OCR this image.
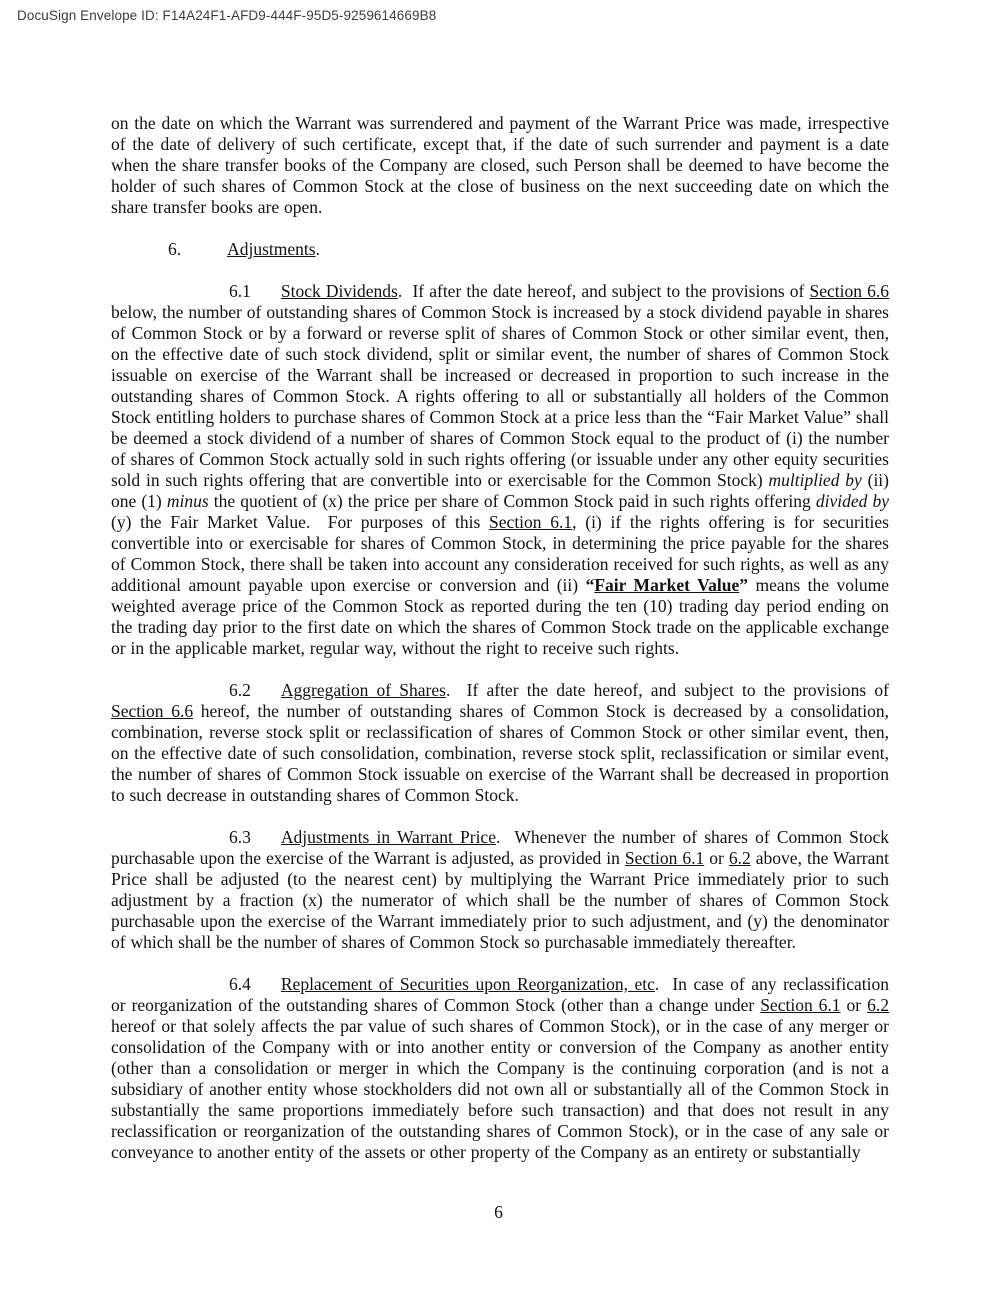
DocuSign Envelope ID: F14A24F1-AFD9-444F-95D5-9259614669B8

on the date on which the Warrant was surrendered and payment of the Warrant Price was made, irrespective of the date of delivery of such certificate, except that, if the date of such surrender and payment is a date when the share transfer books of the Company are closed, such Person shall be deemed to have become the holder of such shares of Common Stock at the close of business on the next succeeding date on which the share transfer books are open.

6.	Adjustments.

6.1 Stock Dividends.  If after the date hereof, and subject to the provisions of Section 6.6 below, the number of outstanding shares of Common Stock is increased by a stock dividend payable in shares of Common Stock or by a forward or reverse split of shares of Common Stock or other similar event, then, on the effective date of such stock dividend, split or similar event, the number of shares of Common Stock issuable on exercise of the Warrant shall be increased or decreased in proportion to such increase in the outstanding shares of Common Stock. A rights offering to all or substantially all holders of the Common Stock entitling holders to purchase shares of Common Stock at a price less than the “Fair Market Value” shall be deemed a stock dividend of a number of shares of Common Stock equal to the product of (i) the number of shares of Common Stock actually sold in such rights offering (or issuable under any other equity securities sold in such rights offering that are convertible into or exercisable for the Common Stock) multiplied by (ii) one (1) minus the quotient of (x) the price per share of Common Stock paid in such rights offering divided by (y) the Fair Market Value.  For purposes of this Section 6.1, (i) if the rights offering is for securities convertible into or exercisable for shares of Common Stock, in determining the price payable for the shares of Common Stock, there shall be taken into account any consideration received for such rights, as well as any additional amount payable upon exercise or conversion and (ii) “Fair Market Value” means the volume weighted average price of the Common Stock as reported during the ten (10) trading day period ending on the trading day prior to the first date on which the shares of Common Stock trade on the applicable exchange or in the applicable market, regular way, without the right to receive such rights.

6.2 Aggregation of Shares.  If after the date hereof, and subject to the provisions of Section 6.6 hereof, the number of outstanding shares of Common Stock is decreased by a consolidation, combination, reverse stock split or reclassification of shares of Common Stock or other similar event, then, on the effective date of such consolidation, combination, reverse stock split, reclassification or similar event, the number of shares of Common Stock issuable on exercise of the Warrant shall be decreased in proportion to such decrease in outstanding shares of Common Stock.

6.3 Adjustments in Warrant Price.  Whenever the number of shares of Common Stock purchasable upon the exercise of the Warrant is adjusted, as provided in Section 6.1 or 6.2 above, the Warrant Price shall be adjusted (to the nearest cent) by multiplying the Warrant Price immediately prior to such adjustment by a fraction (x) the numerator of which shall be the number of shares of Common Stock purchasable upon the exercise of the Warrant immediately prior to such adjustment, and (y) the denominator of which shall be the number of shares of Common Stock so purchasable immediately thereafter.

6.4 Replacement of Securities upon Reorganization, etc.  In case of any reclassification or reorganization of the outstanding shares of Common Stock (other than a change under Section 6.1 or 6.2 hereof or that solely affects the par value of such shares of Common Stock), or in the case of any merger or consolidation of the Company with or into another entity or conversion of the Company as another entity (other than a consolidation or merger in which the Company is the continuing corporation (and is not a subsidiary of another entity whose stockholders did not own all or substantially all of the Common Stock in substantially the same proportions immediately before such transaction) and that does not result in any reclassification or reorganization of the outstanding shares of Common Stock), or in the case of any sale or conveyance to another entity of the assets or other property of the Company as an entirety or substantially

6
